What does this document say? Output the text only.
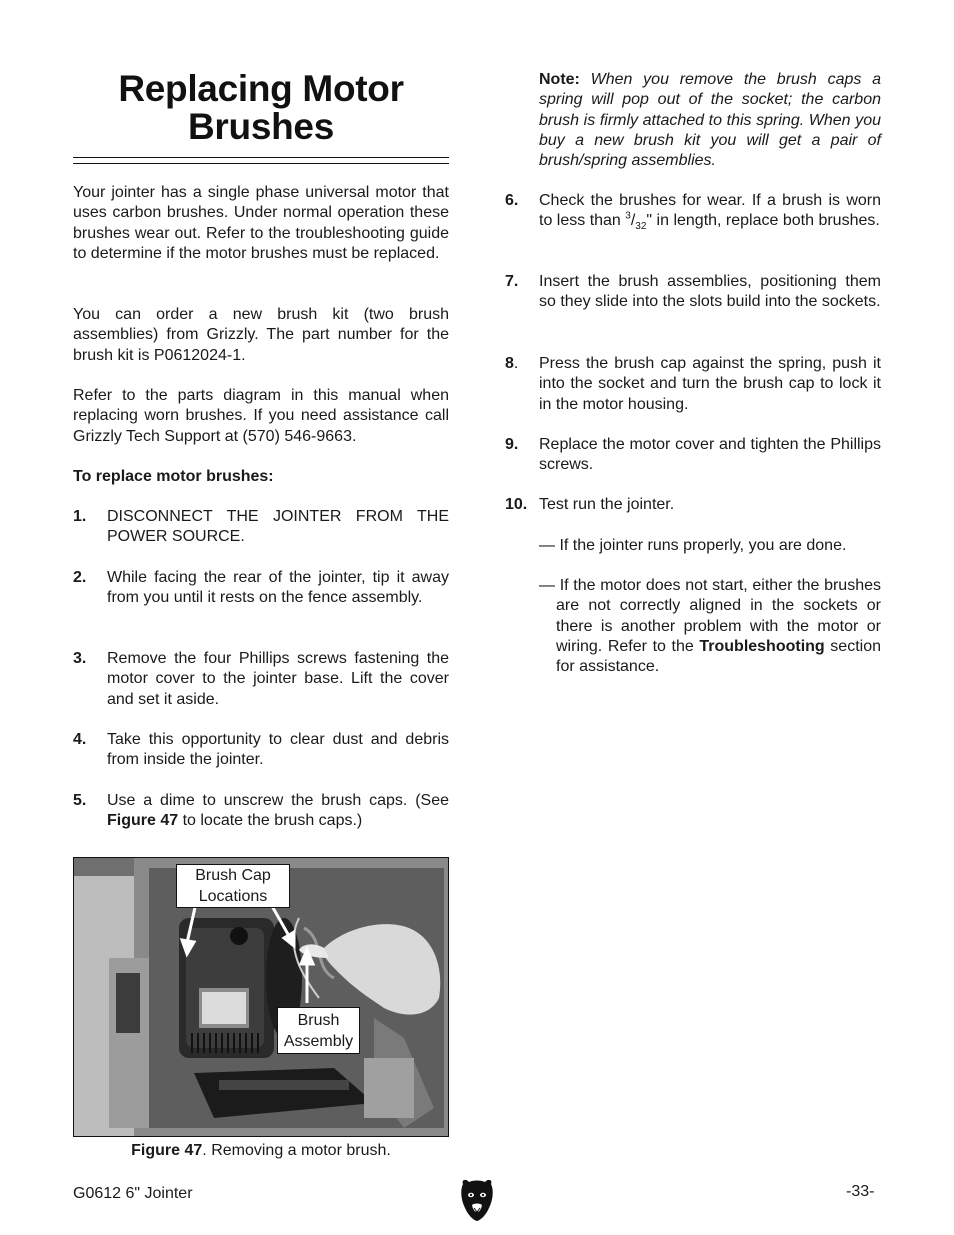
Replacing Motor Brushes
Your jointer has a single phase universal motor that uses carbon brushes. Under normal operation these brushes wear out. Refer to the troubleshooting guide to determine if the motor brushes must be replaced.
You can order a new brush kit (two brush assemblies) from Grizzly. The part number for the brush kit is P0612024-1.
Refer to the parts diagram in this manual when replacing worn brushes. If you need assistance call Grizzly Tech Support at (570) 546-9663.
To replace motor brushes:
1.	DISCONNECT THE JOINTER FROM THE POWER SOURCE.
2.	While facing the rear of the jointer, tip it away from you until it rests on the fence assembly.
3.	Remove the four Phillips screws fastening the motor cover to the jointer base. Lift the cover and set it aside.
4.	Take this opportunity to clear dust and debris from inside the jointer.
5.	Use a dime to unscrew the brush caps. (See Figure 47 to locate the brush caps.)
Brush Cap Locations
Brush Assembly
Figure 47. Removing a motor brush.
Note: When you remove the brush caps a spring will pop out of the socket; the carbon brush is firmly attached to this spring. When you buy a new brush kit you will get a pair of brush/spring assemblies.
6.	Check the brushes for wear. If a brush is worn to less than $^3/_{32}$" in length, replace both brushes.
7.	Insert the brush assemblies, positioning them so they slide into the slots build into the sockets.
8.	Press the brush cap against the spring, push it into the socket and turn the brush cap to lock it in the motor housing.
9.	Replace the motor cover and tighten the Phillips screws.
10. Test run the jointer.
— If the jointer runs properly, you are done.
— If the motor does not start, either the brushes are not correctly aligned in the sockets or there is another problem with the motor or wiring. Refer to the Troubleshooting section for assistance.
G0612 6" Jointer	-33-
